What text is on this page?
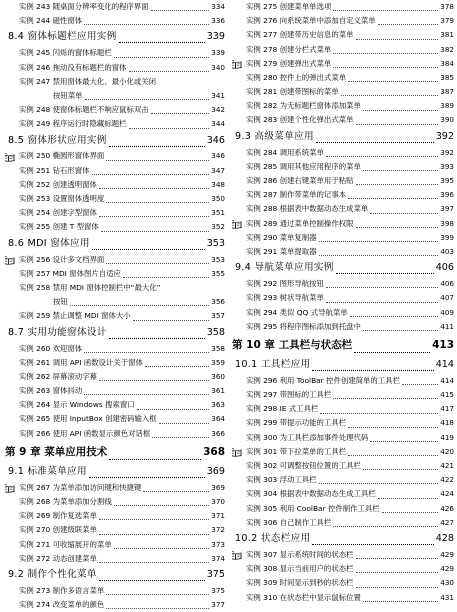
实例 243 随桌面分辨率变化的程序界面	334
实例 244 磁性窗体	336
8.4 窗体标题栏应用实例	339
实例 245 闪烁的窗体标题栏	339
实例 246 拖动没有标题栏的窗体	340
实例 247 禁用窗体最大化、最小化或关闭
按钮菜单	341
实例 248 使窗体标题栏不响应鼠标双击	342
实例 249 程序运行时隐藏标题栏	344
8.5 窗体形状应用实例	346
实例 250 椭圆形窗体界面	346
实例 251 钻石形窗体	347
实例 252 创建透明窗体	348
实例 253 设置窗体透明度	350
实例 254 创建字型窗体	351
实例 255 创建 T 型窗体	352
8.6 MDI 窗体应用	353
实例 256 设计多文档界面	353
实例 257 MDI 窗体图片自适应	355
实例 258 禁用 MDI 窗体控制栏中“最大化”
按钮	356
实例 259 禁止调整 MDI 窗体大小	357
8.7 实用功能窗体设计	358
实例 260 欢迎窗体	358
实例 261 调用 API 函数设计关于窗体	359
实例 262 屏幕滚动字幕	360
实例 263 窗体抖动	361
实例 264 显示 Windows 搜索窗口	363
实例 265 使用 InputBox 创建密码输入框	364
实例 266 使用 API 函数显示颜色对话框	366
第 9 章 菜单应用技术	368
9.1 标准菜单应用	369
实例 267 为菜单添加访问键和快捷键	369
实例 268 为菜单添加分割线	370
实例 269 制作复选菜单	371
实例 270 创建级联菜单	372
实例 271 可收缩展开的菜单	373
实例 272 动态创建菜单	374
9.2 制作个性化菜单	375
实例 273 制作多语言菜单	375
实例 274 改变菜单的颜色	377
实例 275 创建菜单单选项	378
实例 276 向系统菜单中添加自定义菜单	379
实例 277 创建带历史信息的菜单	381
实例 278 创建分栏式菜单	382
实例 279 创建弹出式菜单	384
实例 280 控件上的弹出式菜单	385
实例 281 创建带图标的菜单	387
实例 282 为无标题栏窗体添加菜单	389
实例 283 创建个性化弹出式菜单	390
9.3 高级菜单应用	392
实例 284 调用系统菜单	392
实例 285 调用其他应用程序的菜单	393
实例 286 创建右键菜单用于粘贴	395
实例 287 制作带菜单的记事本	396
实例 288 根据表中数据动态生成菜单	397
实例 289 通过菜单控制操作权限	398
实例 290 菜单复制器	399
实例 291 菜单提取器	403
9.4 导航菜单应用实例	406
实例 292 图形导航按钮	406
实例 293 树状导航菜单	407
实例 294 类似 QQ 式导航菜单	409
实例 295 将程序图标添加到托盘中	411
第 10 章 工具栏与状态栏	413
10.1 工具栏应用	414
实例 296 利用 ToolBar 控件创建简单的工具栏	414
实例 297 带图标的工具栏	415
实例 298 IE 式工具栏	417
实例 299 带提示功能的工具栏	418
实例 300 为工具栏添加事件处理代码	419
实例 301 带下拉菜单的工具栏	420
实例 302 可调整按钮位置的工具栏	421
实例 303 浮动工具栏	422
实例 304 根据表中数据动态生成工具栏	424
实例 305 利用 CoolBar 控件制作工具栏	426
实例 306 自己制作工具栏	427
10.2 状态栏应用	428
实例 307 显示系统时间的状态栏	429
实例 308 显示当前用户的状态栏	429
实例 309 时间显示到秒的状态栏	430
实例 310 在状态栏中显示鼠标位置	431
